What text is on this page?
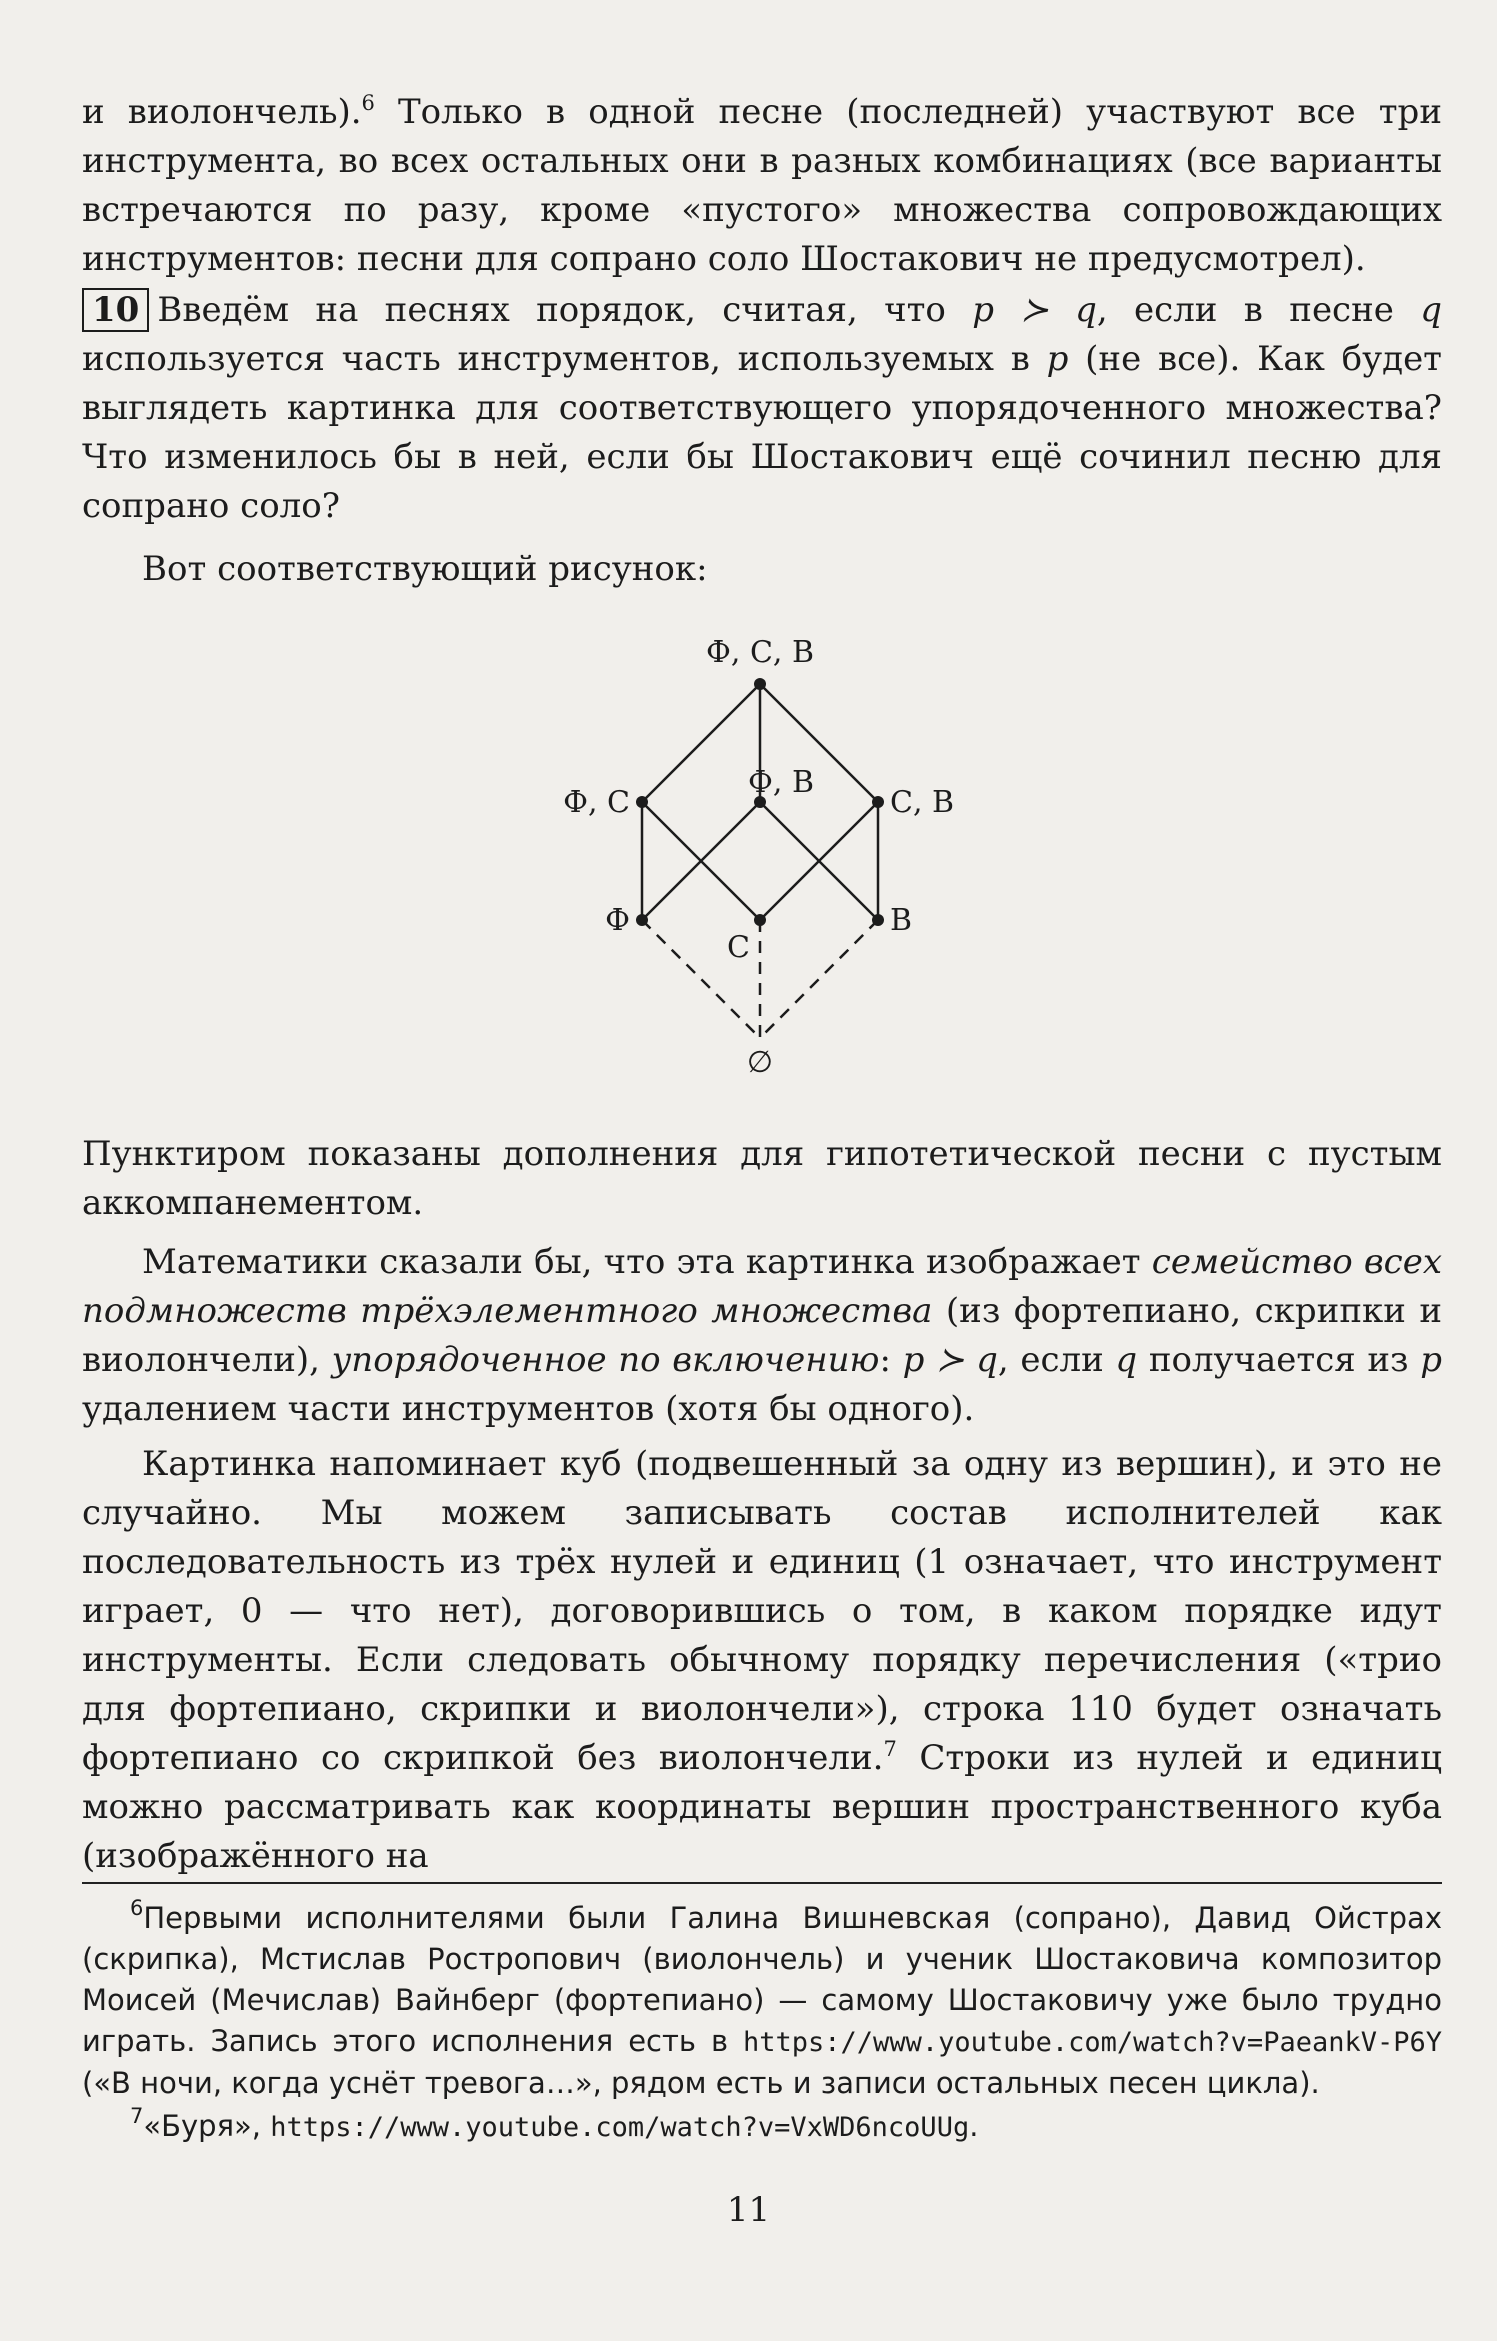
и виолончель).$^6$ Только в одной песне (последней) участвуют все три инструмента, во всех остальных они в разных комбинациях (все варианты встречаются по разу, кроме «пустого» множества сопровождающих инструментов: песни для сопрано соло Шостакович не предусмотрел).

10 Введём на песнях порядок, считая, что p ≻ q, если в песне q используется часть инструментов, используемых в p (не все). Как будет выглядеть картинка для соответствующего упорядоченного множества? Что изменилось бы в ней, если бы Шостакович ещё сочинил песню для сопрано соло?

Вот соответствующий рисунок:

Ф, С, В
Ф, С
Ф, В
С, В
Ф
С
В
∅

Пунктиром показаны дополнения для гипотетической песни с пустым аккомпанементом.

Математики сказали бы, что эта картинка изображает семейство всех подмножеств трёхэлементного множества (из фортепиано, скрипки и виолончели), упорядоченное по включению: p ≻ q, если q получается из p удалением части инструментов (хотя бы одного).

Картинка напоминает куб (подвешенный за одну из вершин), и это не случайно. Мы можем записывать состав исполнителей как последовательность из трёх нулей и единиц (1 означает, что инструмент играет, 0 — что нет), договорившись о том, в каком порядке идут инструменты. Если следовать обычному порядку перечисления («трио для фортепиано, скрипки и виолончели»), строка 110 будет означать фортепиано со скрипкой без виолончели.$^7$ Строки из нулей и единиц можно рассматривать как координаты вершин пространственного куба (изображённого на

$^6$Первыми исполнителями были Галина Вишневская (сопрано), Давид Ойстрах (скрипка), Мстислав Ростропович (виолончель) и ученик Шостаковича композитор Моисей (Мечислав) Вайнберг (фортепиано) — самому Шостаковичу уже было трудно играть. Запись этого исполнения есть в https://www.youtube.com/watch?v=PaeankV-P6Y («В ночи, когда уснёт тревога…», рядом есть и записи остальных песен цикла).

$^7$«Буря», https://www.youtube.com/watch?v=VxWD6ncoUUg.

11
